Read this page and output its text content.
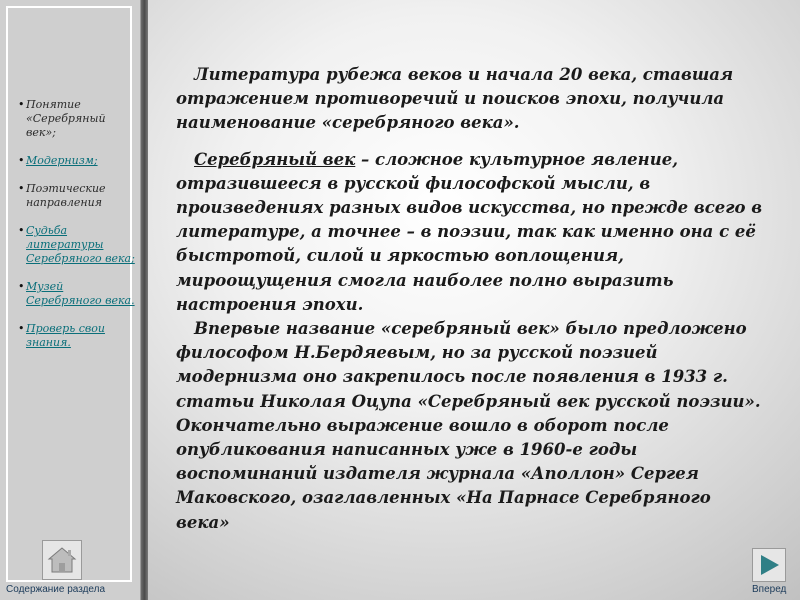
• Понятие «Серебряный век»;
• Модернизм;
• Поэтические направления
• Судьба литературы Серебряного века;
• Музей Серебряного века.
• Проверь свои знания.
Содержание раздела	Вперед

Литература рубежа веков и начала 20 века, ставшая отражением противоречий и поисков эпохи, получила наименование «серебряного века».

Серебряный век – сложное культурное явление, отразившееся в русской философской мысли, в произведениях разных видов искусства, но прежде всего в литературе, а точнее – в поэзии, так как именно она с её быстротой, силой и яркостью воплощения, мироощущения смогла наиболее полно выразить настроения эпохи.

Впервые название «серебряный век» было предложено философом Н.Бердяевым, но за русской поэзией модернизма оно закрепилось после появления в 1933 г. статьи Николая Оцупа «Серебряный век русской поэзии». Окончательно выражение вошло в оборот после опубликования написанных уже в 1960-е годы воспоминаний издателя журнала «Аполлон» Сергея Маковского, озаглавленных «На Парнасе Серебряного века»
